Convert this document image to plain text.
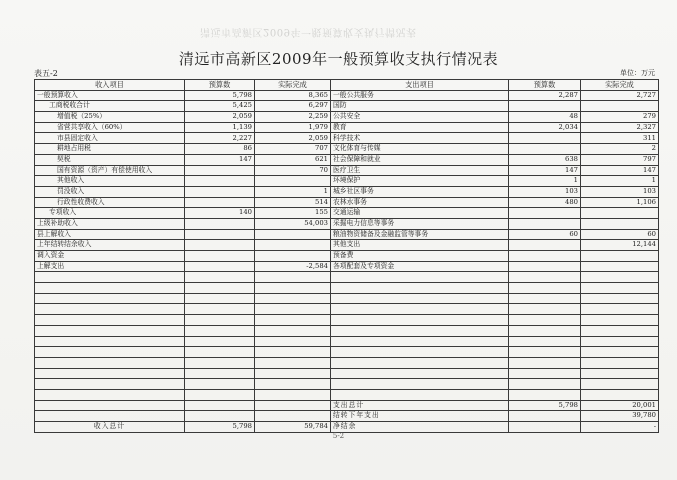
清远市高新区2009年一般预算收支执行情况表
清远市高新区2009年一般预算收支执行情况表
表五-2	单位：万元
收入项目	预算数	实际完成	支出项目	预算数	实际完成
一般预算收入	5,798	8,365	一般公共服务	2,287	2,727
工商税收合计	5,425	6,297	国防		
增值税（25%）	2,059	2,259	公共安全	48	279
省营共享收入（60%）	1,139	1,979	教育	2,034	2,327
市县固定收入	2,227	2,059	科学技术		311
耕地占用税	86	707	文化体育与传媒		2
契税	147	621	社会保障和就业	638	797
国有资源（资产）有偿使用收入		70	医疗卫生	147	147
其他收入			环境保护	1	1
罚没收入		1	城乡社区事务	103	103
行政性收费收入		514	农林水事务	480	1,106
专项收入	140	155	交通运输		
上级补助收入		54,003	采掘电力信息等事务		
县上解收入			粮油物资储备及金融监管等事务	60	60
上年结转结余收入			其他支出		12,144
调入资金			预备费		
上解支出		-2,584	各项配套及专项资金		

			支出总计	5,798	20,001
			结转下年支出		39,780
收入总计	5,798	59,784	净结余		-
5-2
